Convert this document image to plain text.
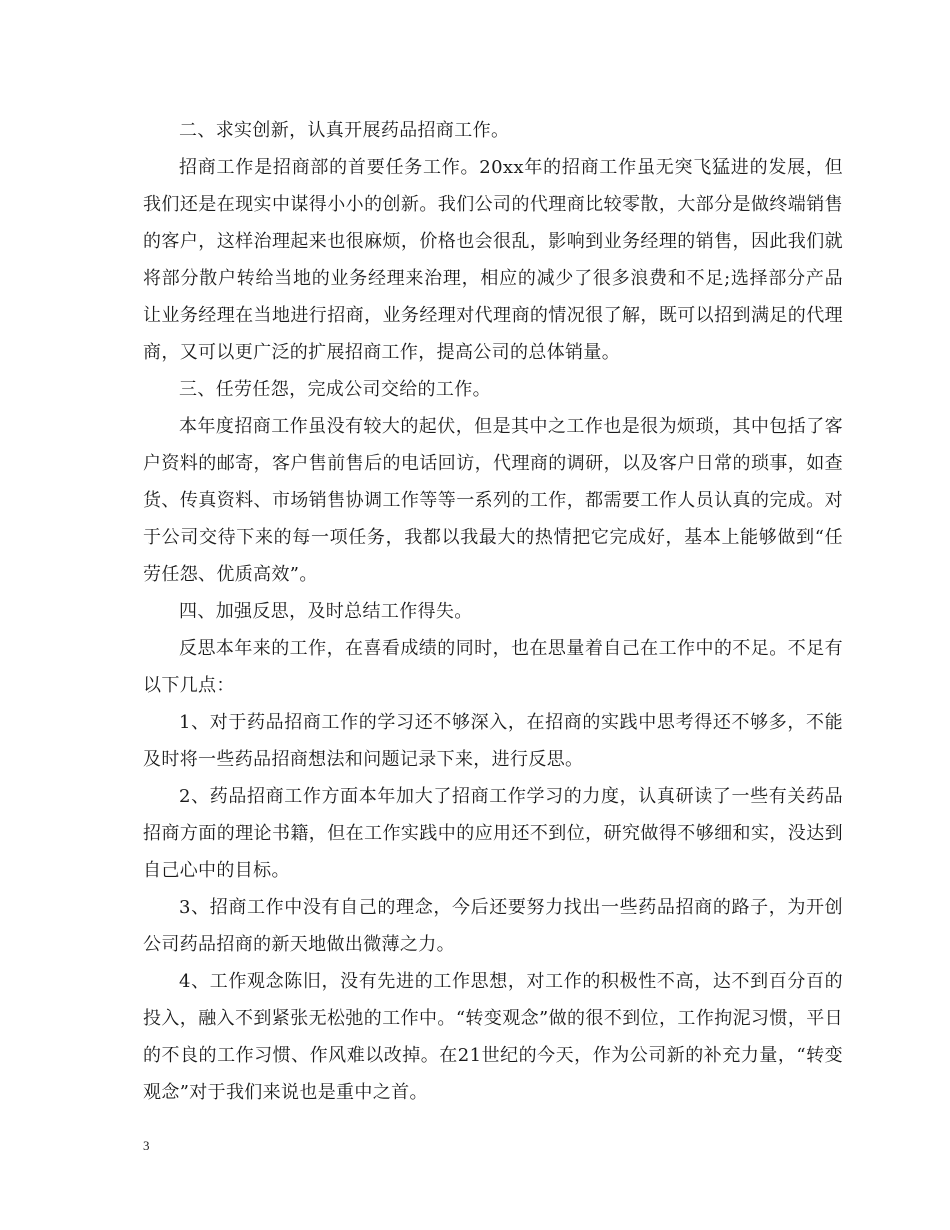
二、求实创新，认真开展药品招商工作。

招商工作是招商部的首要任务工作。20xx年的招商工作虽无突飞猛进的发展，但我们还是在现实中谋得小小的创新。我们公司的代理商比较零散，大部分是做终端销售的客户，这样治理起来也很麻烦，价格也会很乱，影响到业务经理的销售，因此我们就将部分散户转给当地的业务经理来治理，相应的减少了很多浪费和不足;选择部分产品让业务经理在当地进行招商，业务经理对代理商的情况很了解，既可以招到满足的代理商，又可以更广泛的扩展招商工作，提高公司的总体销量。

三、任劳任怨，完成公司交给的工作。

本年度招商工作虽没有较大的起伏，但是其中之工作也是很为烦琐，其中包括了客户资料的邮寄，客户售前售后的电话回访，代理商的调研，以及客户日常的琐事，如查货、传真资料、市场销售协调工作等等一系列的工作，都需要工作人员认真的完成。对于公司交待下来的每一项任务，我都以我最大的热情把它完成好，基本上能够做到“任劳任怨、优质高效”。

四、加强反思，及时总结工作得失。

反思本年来的工作，在喜看成绩的同时，也在思量着自己在工作中的不足。不足有以下几点：

1、对于药品招商工作的学习还不够深入，在招商的实践中思考得还不够多，不能及时将一些药品招商想法和问题记录下来，进行反思。

2、药品招商工作方面本年加大了招商工作学习的力度，认真研读了一些有关药品招商方面的理论书籍，但在工作实践中的应用还不到位，研究做得不够细和实，没达到自己心中的目标。

3、招商工作中没有自己的理念，今后还要努力找出一些药品招商的路子，为开创公司药品招商的新天地做出微薄之力。

4、工作观念陈旧，没有先进的工作思想，对工作的积极性不高，达不到百分百的投入，融入不到紧张无松弛的工作中。“转变观念”做的很不到位，工作拘泥习惯，平日的不良的工作习惯、作风难以改掉。在21世纪的今天，作为公司新的补充力量，“转变观念”对于我们来说也是重中之首。

3
